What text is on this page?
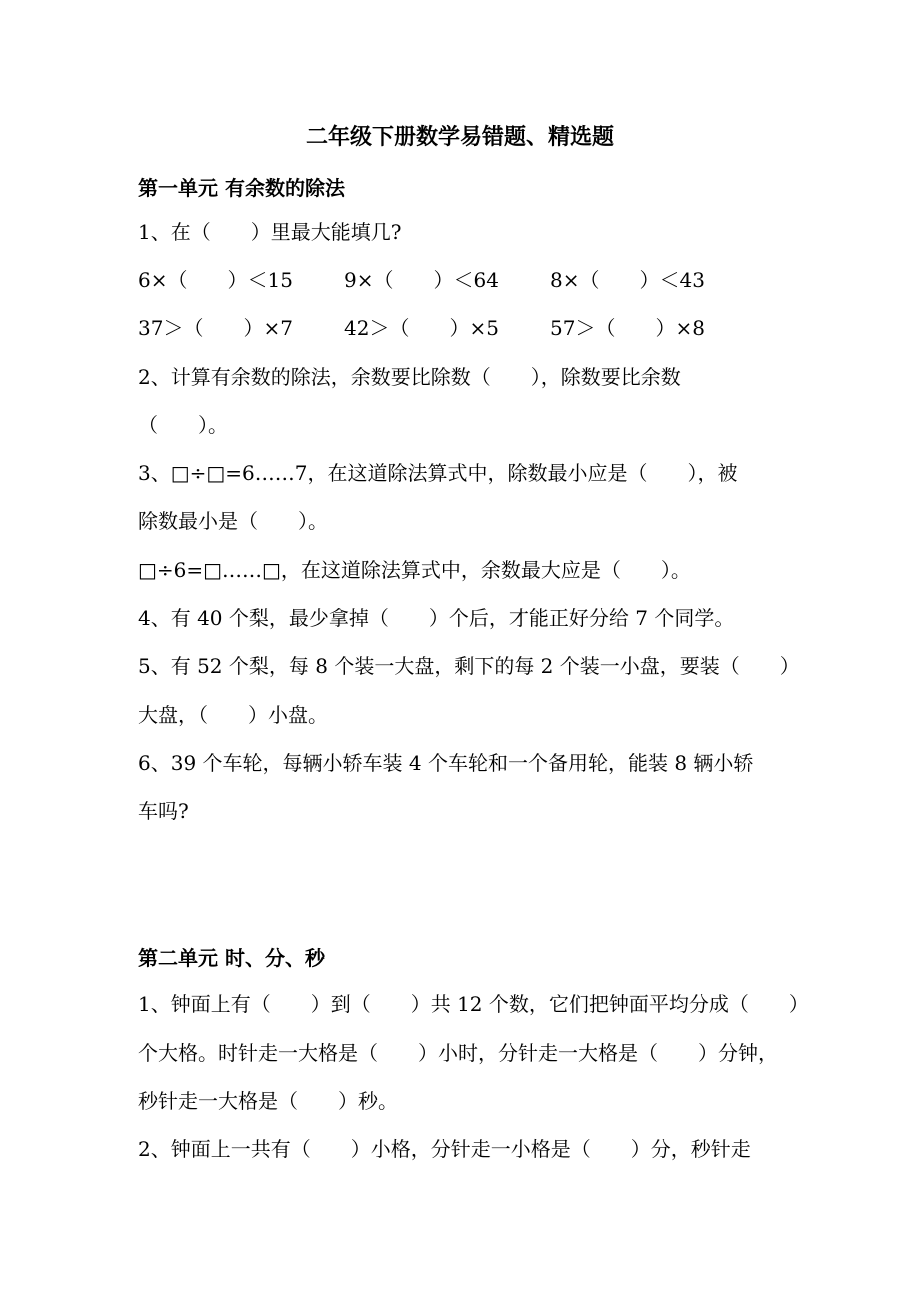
二年级下册数学易错题、精选题
第一单元 有余数的除法
1、在（　　）里最大能填几?
6×（　　）＜15	9×（　　）＜64	8×（　　）＜43
37＞（　　）×7	42＞（　　）×5	57＞（　　）×8
2、计算有余数的除法，余数要比除数（　　），除数要比余数
（　　）。
3、□÷□=6……7，在这道除法算式中，除数最小应是（　　），被
除数最小是（　　）。
□÷6=□……□，在这道除法算式中，余数最大应是（　　）。
4、有 40 个梨，最少拿掉（　　）个后，才能正好分给 7 个同学。
5、有 52 个梨，每 8 个装一大盘，剩下的每 2 个装一小盘，要装（　　）
大盘，（　　）小盘。
6、39 个车轮，每辆小轿车装 4 个车轮和一个备用轮，能装 8 辆小轿
车吗?
第二单元 时、分、秒
1、钟面上有（　　）到（　　）共 12 个数，它们把钟面平均分成（　　）
个大格。时针走一大格是（　　）小时，分针走一大格是（　　）分钟，
秒针走一大格是（　　）秒。
2、钟面上一共有（　　）小格，分针走一小格是（　　）分，秒针走
